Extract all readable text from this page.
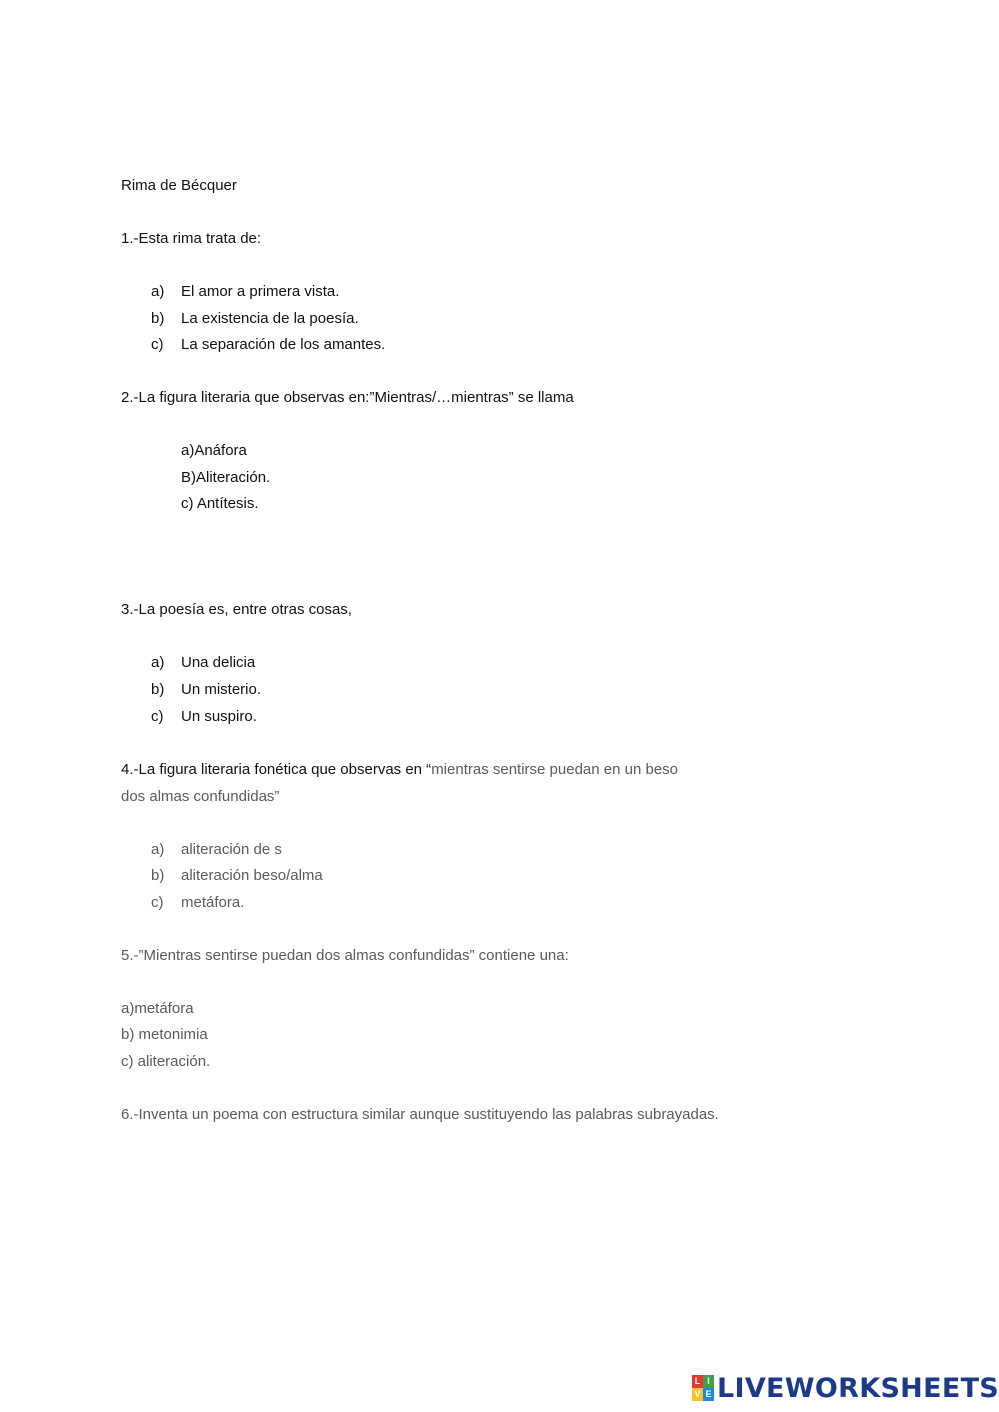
Rima de Bécquer
1.-Esta rima trata de:
a) El amor a primera vista.
b) La existencia de la poesía.
c) La separación de los amantes.
2.-La figura literaria que observas en:”Mientras/…mientras” se llama
a)Anáfora
B)Aliteración.
c) Antítesis.
3.-La poesía es, entre otras cosas,
a) Una delicia
b) Un misterio.
c) Un suspiro.
4.-La figura literaria fonética que observas en “mientras sentirse puedan en un beso
dos almas confundidas”
a) aliteración de s
b) aliteración beso/alma
c) metáfora.
5.-”Mientras sentirse puedan dos almas confundidas” contiene una:
a)metáfora
b) metonimia
c) aliteración.
6.-Inventa un poema con estructura similar aunque sustituyendo las palabras subrayadas.
L I
V E LIVEWORKSHEETS
